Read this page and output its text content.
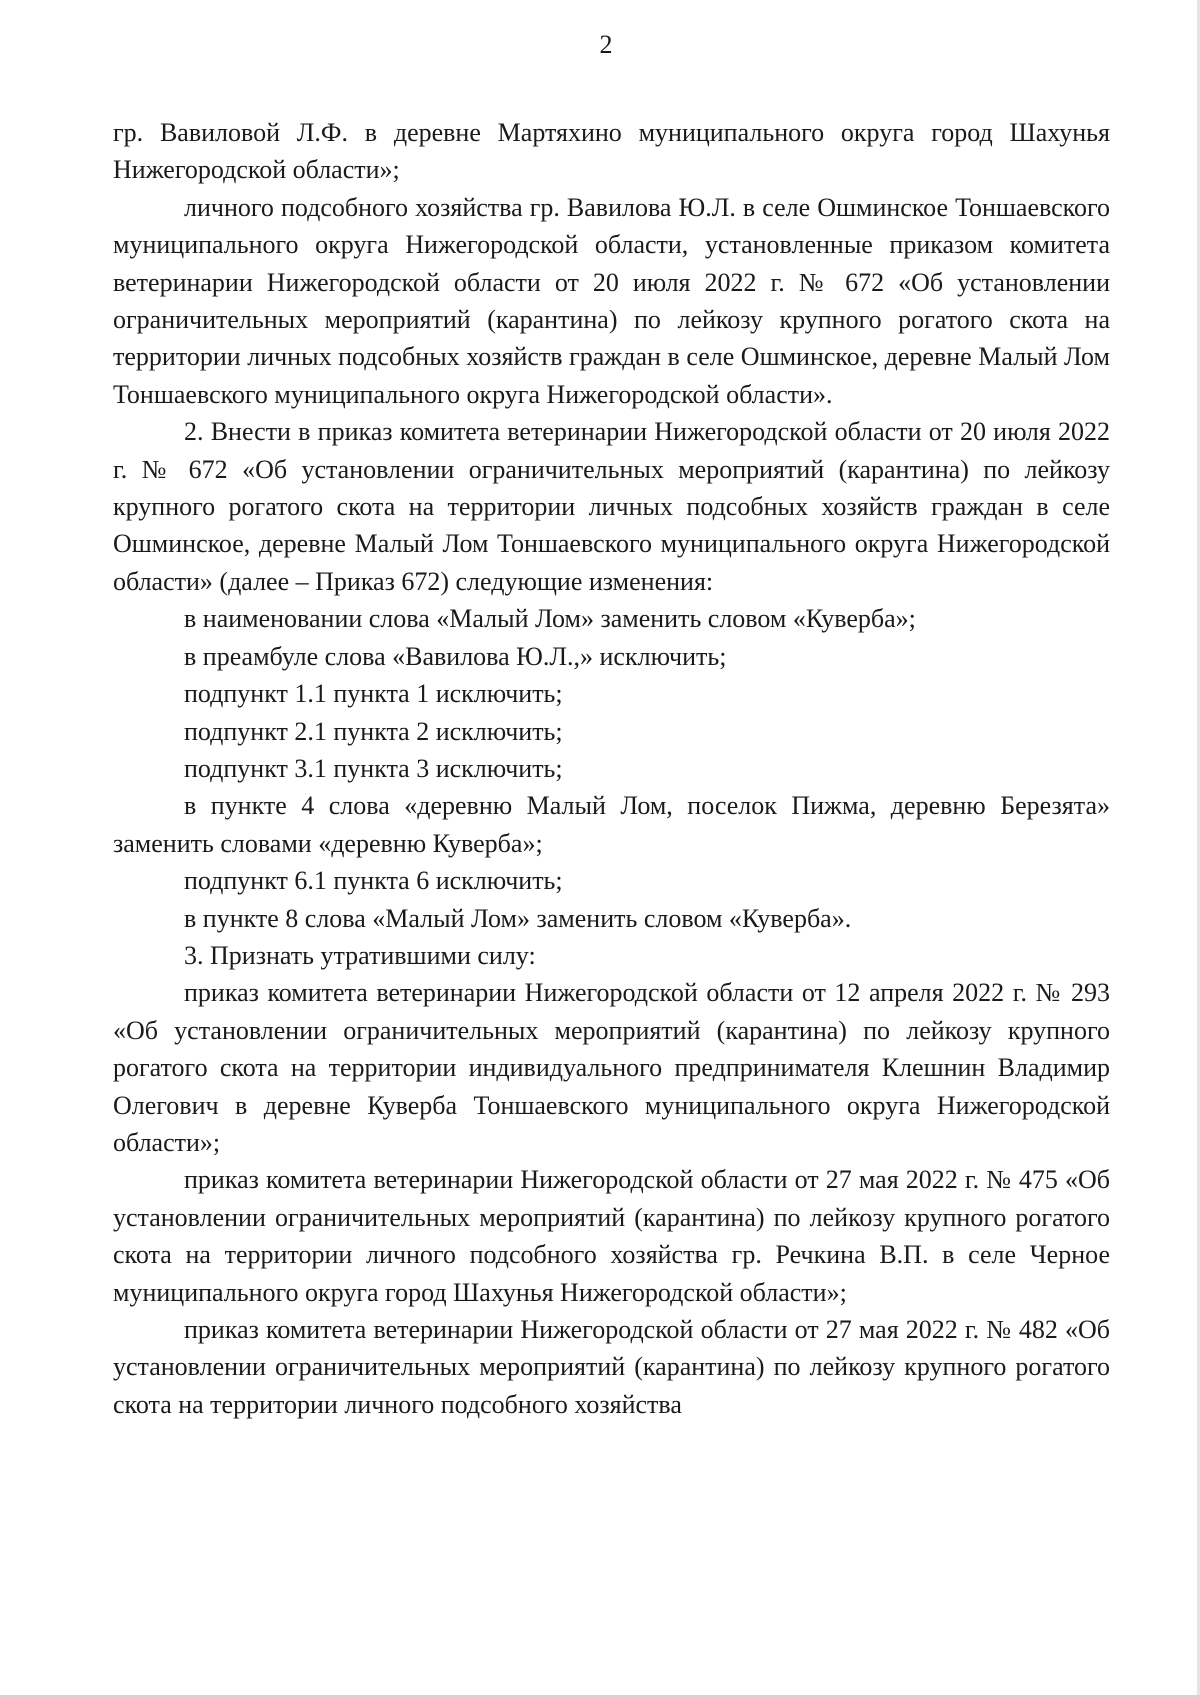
2

гр. Вавиловой Л.Ф. в деревне Мартяхино муниципального округа город Шахунья Нижегородской области»;

личного подсобного хозяйства гр. Вавилова Ю.Л. в селе Ошминское Тоншаевского муниципального округа Нижегородской области, установленные приказом комитета ветеринарии Нижегородской области от 20 июля 2022 г. № 672 «Об установлении ограничительных мероприятий (карантина) по лейкозу крупного рогатого скота на территории личных подсобных хозяйств граждан в селе Ошминское, деревне Малый Лом Тоншаевского муниципального округа Нижегородской области».

2. Внести в приказ комитета ветеринарии Нижегородской области от 20 июля 2022 г. № 672 «Об установлении ограничительных мероприятий (карантина) по лейкозу крупного рогатого скота на территории личных подсобных хозяйств граждан в селе Ошминское, деревне Малый Лом Тоншаевского муниципального округа Нижегородской области» (далее – Приказ 672) следующие изменения:

в наименовании слова «Малый Лом» заменить словом «Куверба»;

в преамбуле слова «Вавилова Ю.Л.,» исключить;

подпункт 1.1 пункта 1 исключить;

подпункт 2.1 пункта 2 исключить;

подпункт 3.1 пункта 3 исключить;

в пункте 4 слова «деревню Малый Лом, поселок Пижма, деревню Березята» заменить словами «деревню Куверба»;

подпункт 6.1 пункта 6 исключить;

в пункте 8 слова «Малый Лом» заменить словом «Куверба».

3. Признать утратившими силу:

приказ комитета ветеринарии Нижегородской области от 12 апреля 2022 г. № 293 «Об установлении ограничительных мероприятий (карантина) по лейкозу крупного рогатого скота на территории индивидуального предпринимателя Клешнин Владимир Олегович в деревне Куверба Тоншаевского муниципального округа Нижегородской области»;

приказ комитета ветеринарии Нижегородской области от 27 мая 2022 г. № 475 «Об установлении ограничительных мероприятий (карантина) по лейкозу крупного рогатого скота на территории личного подсобного хозяйства гр. Речкина В.П. в селе Черное муниципального округа город Шахунья Нижегородской области»;

приказ комитета ветеринарии Нижегородской области от 27 мая 2022 г. № 482 «Об установлении ограничительных мероприятий (карантина) по лейкозу крупного рогатого скота на территории личного подсобного хозяйства
